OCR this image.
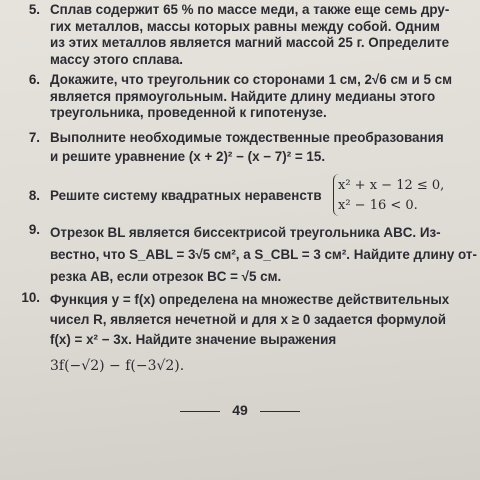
5. Сплав содержит 65 % по массе меди, а также еще семь дру-

гих металлов, массы которых равны между собой. Одним

из этих металлов является магний массой 25 г. Определите

массу этого сплава.

6. Докажите, что треугольник со сторонами 1 см, 2√6 см и 5 см

является прямоугольным. Найдите длину медианы этого

треугольника, проведенной к гипотенузе.

7. Выполните необходимые тождественные преобразования

и решите уравнение (x + 2)² − (x − 7)² = 15.

8. Решите систему квадратных неравенств

x² + x − 12 ≤ 0,
x² − 16 < 0.
9. Отрезок BL является биссектрисой треугольника ABC. Из-

вестно, что S_ABL = 3√5 см², а S_CBL = 3 см². Найдите длину от-

резка AB, если отрезок BC = √5 см.

10. Функция y = f(x) определена на множестве действительных

чисел R, является нечетной и для x ≥ 0 задается формулой

f(x) = x² − 3x. Найдите значение выражения

3f(−√2) − f(−3√2).

49
